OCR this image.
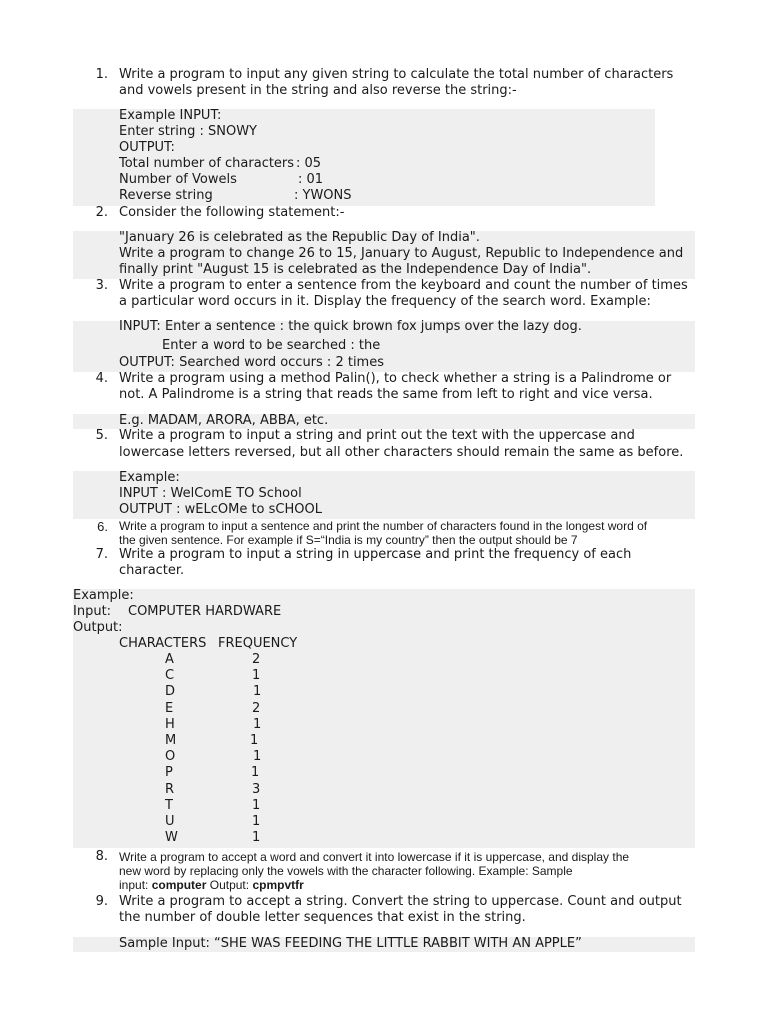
1. Write a program to input any given string to calculate the total number of characters
and vowels present in the string and also reverse the string:-
Example INPUT:
Enter string : SNOWY
OUTPUT:
Total number of characters : 05
Number of Vowels	: 01
Reverse string	: YWONS
2. Consider the following statement:-
"January 26 is celebrated as the Republic Day of India".
Write a program to change 26 to 15, January to August, Republic to Independence and
finally print "August 15 is celebrated as the Independence Day of India".
3. Write a program to enter a sentence from the keyboard and count the number of times
a particular word occurs in it. Display the frequency of the search word. Example:
INPUT: Enter a sentence : the quick brown fox jumps over the lazy dog.
Enter a word to be searched : the
OUTPUT: Searched word occurs : 2 times
4. Write a program using a method Palin(), to check whether a string is a Palindrome or
not. A Palindrome is a string that reads the same from left to right and vice versa.
E.g. MADAM, ARORA, ABBA, etc.
5. Write a program to input a string and print out the text with the uppercase and
lowercase letters reversed, but all other characters should remain the same as before.
Example:
INPUT : WelComE TO School
OUTPUT : wELcOMe to sCHOOL
6. Write a program to input a sentence and print the number of characters found in the longest word of
the given sentence. For example if S=“India is my country” then the output should be 7
7. Write a program to input a string in uppercase and print the frequency of each
character.
Example:
Input: COMPUTER HARDWARE
Output:
CHARACTERS FREQUENCY
A	2
C	1
D	1
E	2
H	1
M	1
O	1
P	1
R	3
T	1
U	1
W	1
8. Write a program to accept a word and convert it into lowercase if it is uppercase, and display the
new word by replacing only the vowels with the character following. Example: Sample
input: computer Output: cpmpvtfr
9. Write a program to accept a string. Convert the string to uppercase. Count and output
the number of double letter sequences that exist in the string.
Sample Input: “SHE WAS FEEDING THE LITTLE RABBIT WITH AN APPLE”
